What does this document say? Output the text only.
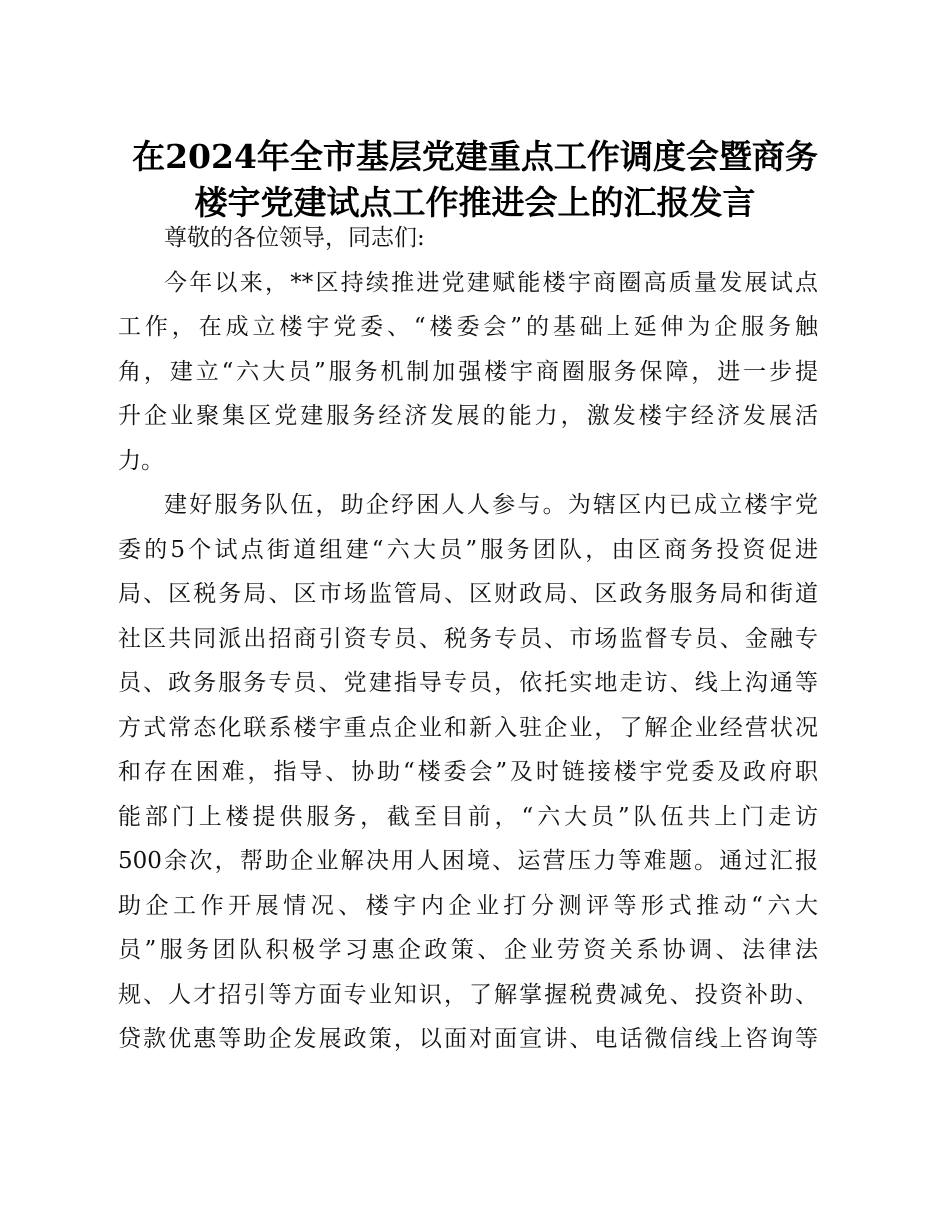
在2024年全市基层党建重点工作调度会暨商务
楼宇党建试点工作推进会上的汇报发言
尊敬的各位领导，同志们:
今年以来，**区持续推进党建赋能楼宇商圈高质量发展试点
工作，在成立楼宇党委、“楼委会”的基础上延伸为企服务触
角，建立“六大员”服务机制加强楼宇商圈服务保障，进一步提
升企业聚集区党建服务经济发展的能力，激发楼宇经济发展活
力。
建好服务队伍，助企纾困人人参与。为辖区内已成立楼宇党
委的5个试点街道组建“六大员”服务团队，由区商务投资促进
局、区税务局、区市场监管局、区财政局、区政务服务局和街道
社区共同派出招商引资专员、税务专员、市场监督专员、金融专
员、政务服务专员、党建指导专员，依托实地走访、线上沟通等
方式常态化联系楼宇重点企业和新入驻企业，了解企业经营状况
和存在困难，指导、协助“楼委会”及时链接楼宇党委及政府职
能部门上楼提供服务，截至目前，“六大员”队伍共上门走访
500余次，帮助企业解决用人困境、运营压力等难题。通过汇报
助企工作开展情况、楼宇内企业打分测评等形式推动“六大
员”服务团队积极学习惠企政策、企业劳资关系协调、法律法
规、人才招引等方面专业知识，了解掌握税费减免、投资补助、
贷款优惠等助企发展政策，以面对面宣讲、电话微信线上咨询等
